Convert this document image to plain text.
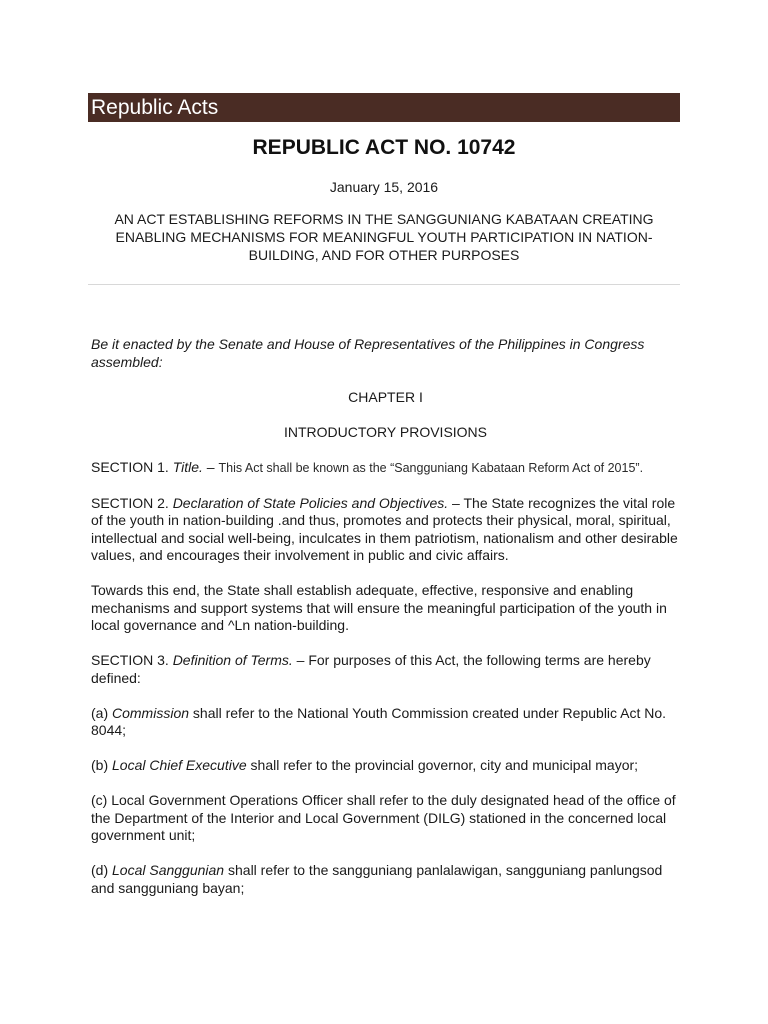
Republic Acts
REPUBLIC ACT NO. 10742
January 15, 2016
AN ACT ESTABLISHING REFORMS IN THE SANGGUNIANG KABATAAN CREATING ENABLING MECHANISMS FOR MEANINGFUL YOUTH PARTICIPATION IN NATION-BUILDING, AND FOR OTHER PURPOSES

Be it enacted by the Senate and House of Representatives of the Philippines in Congress assembled:

CHAPTER I

INTRODUCTORY PROVISIONS

SECTION 1. Title. – This Act shall be known as the “Sangguniang Kabataan Reform Act of 2015”.

SECTION 2. Declaration of State Policies and Objectives. – The State recognizes the vital role of the youth in nation-building .and thus, promotes and protects their physical, moral, spiritual, intellectual and social well-being, inculcates in them patriotism, nationalism and other desirable values, and encourages their involvement in public and civic affairs.

Towards this end, the State shall establish adequate, effective, responsive and enabling mechanisms and support systems that will ensure the meaningful participation of the youth in local governance and ^Ln nation-building.

SECTION 3. Definition of Terms. – For purposes of this Act, the following terms are hereby defined:

(a) Commission shall refer to the National Youth Commission created under Republic Act No. 8044;

(b) Local Chief Executive shall refer to the provincial governor, city and municipal mayor;

(c) Local Government Operations Officer shall refer to the duly designated head of the office of the Department of the Interior and Local Government (DILG) stationed in the concerned local government unit;

(d) Local Sanggunian shall refer to the sangguniang panlalawigan, sangguniang panlungsod and sangguniang bayan;
